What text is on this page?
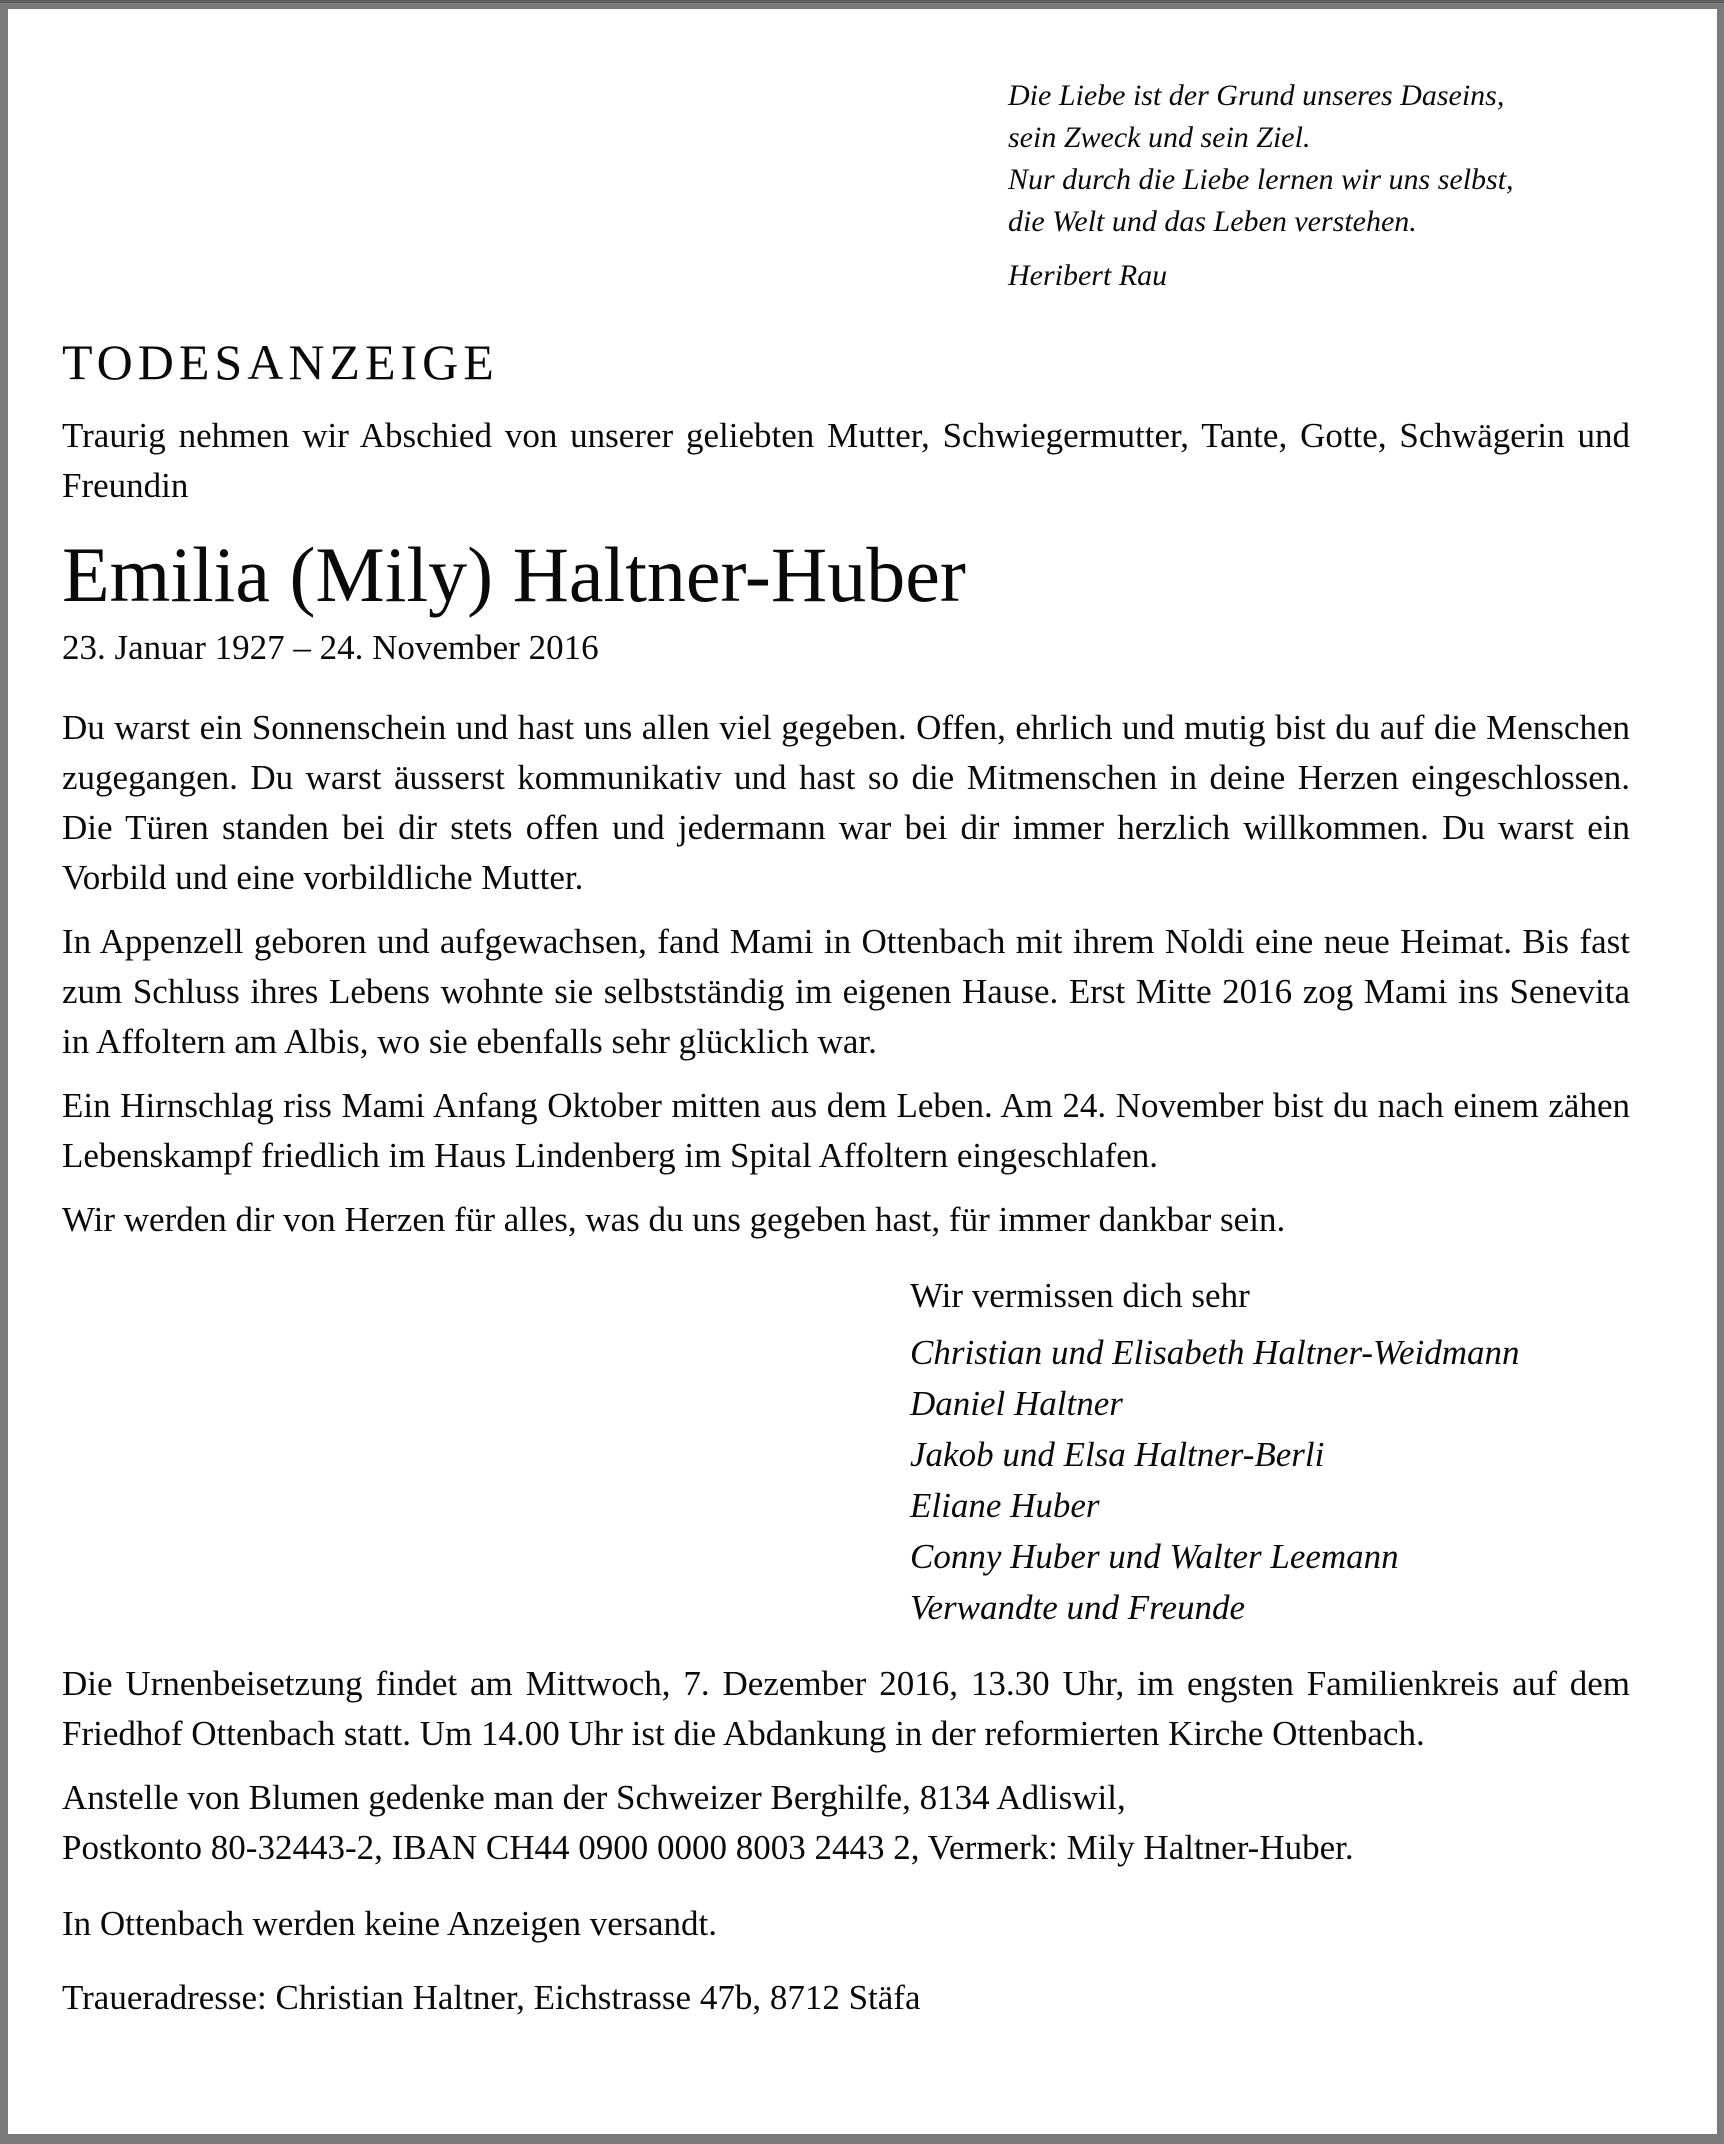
Die Liebe ist der Grund unseres Daseins,
sein Zweck und sein Ziel.
Nur durch die Liebe lernen wir uns selbst,
die Welt und das Leben verstehen.
Heribert Rau
TODESANZEIGE
Traurig nehmen wir Abschied von unserer geliebten Mutter, Schwiegermutter, Tante, Gotte, Schwägerin und Freundin
Emilia (Mily) Haltner-Huber
23. Januar 1927 – 24. November 2016
Du warst ein Sonnenschein und hast uns allen viel gegeben. Offen, ehrlich und mutig bist du auf die Menschen zugegangen. Du warst äusserst kommunikativ und hast so die Mitmenschen in deine Herzen eingeschlossen. Die Türen standen bei dir stets offen und jedermann war bei dir immer herzlich willkommen. Du warst ein Vorbild und eine vorbildliche Mutter.
In Appenzell geboren und aufgewachsen, fand Mami in Ottenbach mit ihrem Noldi eine neue Heimat. Bis fast zum Schluss ihres Lebens wohnte sie selbstständig im eigenen Hause. Erst Mitte 2016 zog Mami ins Senevita in Affoltern am Albis, wo sie ebenfalls sehr glücklich war.
Ein Hirnschlag riss Mami Anfang Oktober mitten aus dem Leben. Am 24. November bist du nach einem zähen Lebenskampf friedlich im Haus Lindenberg im Spital Affoltern eingeschlafen.
Wir werden dir von Herzen für alles, was du uns gegeben hast, für immer dankbar sein.
Wir vermissen dich sehr
Christian und Elisabeth Haltner-Weidmann
Daniel Haltner
Jakob und Elsa Haltner-Berli
Eliane Huber
Conny Huber und Walter Leemann
Verwandte und Freunde
Die Urnenbeisetzung findet am Mittwoch, 7. Dezember 2016, 13.30 Uhr, im engsten Familienkreis auf dem Friedhof Ottenbach statt. Um 14.00 Uhr ist die Abdankung in der reformierten Kirche Ottenbach.
Anstelle von Blumen gedenke man der Schweizer Berghilfe, 8134 Adliswil,
Postkonto 80-32443-2, IBAN CH44 0900 0000 8003 2443 2, Vermerk: Mily Haltner-Huber.
In Ottenbach werden keine Anzeigen versandt.
Traueradresse: Christian Haltner, Eichstrasse 47b, 8712 Stäfa
